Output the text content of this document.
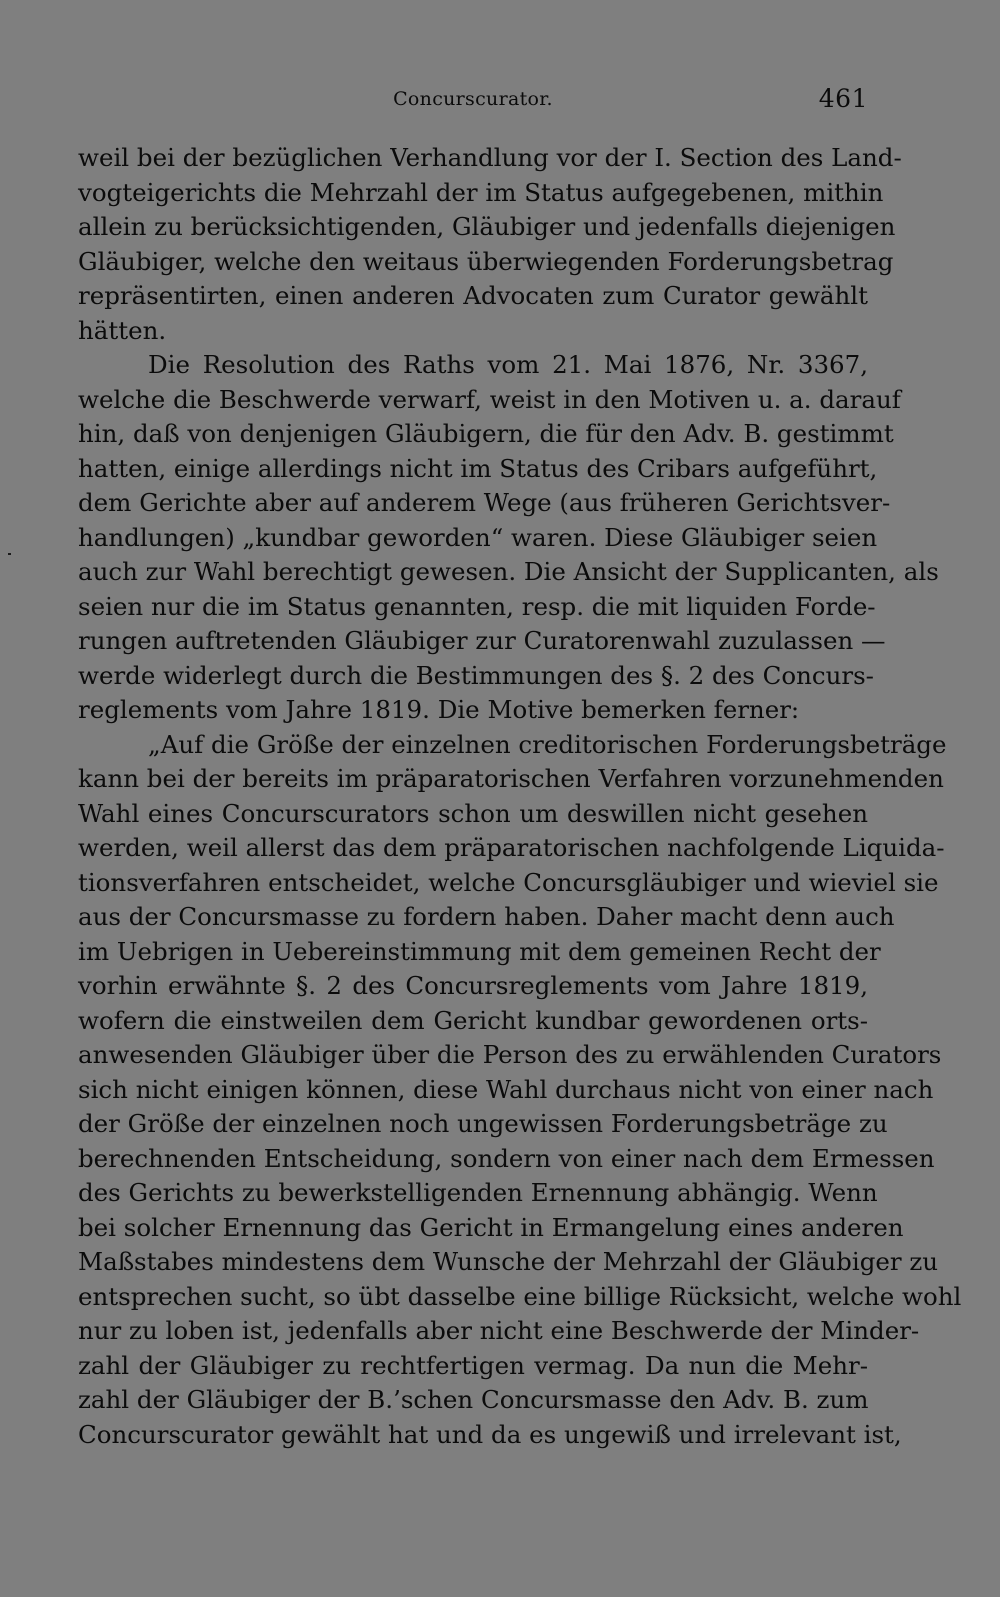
Concurscurator.	461
weil bei der bezüglichen Verhandlung vor der I. Section des Land-
vogteigerichts die Mehrzahl der im Status aufgegebenen, mithin
allein zu berücksichtigenden, Gläubiger und jedenfalls diejenigen
Gläubiger, welche den weitaus überwiegenden Forderungsbetrag
repräsentirten, einen anderen Advocaten zum Curator gewählt
hätten.
Die Resolution des Raths vom 21. Mai 1876, Nr. 3367,
welche die Beschwerde verwarf, weist in den Motiven u. a. darauf
hin, daß von denjenigen Gläubigern, die für den Adv. B. gestimmt
hatten, einige allerdings nicht im Status des Cribars aufgeführt,
dem Gerichte aber auf anderem Wege (aus früheren Gerichtsver-
handlungen) „kundbar geworden“ waren. Diese Gläubiger seien
auch zur Wahl berechtigt gewesen. Die Ansicht der Supplicanten, als
seien nur die im Status genannten, resp. die mit liquiden Forde-
rungen auftretenden Gläubiger zur Curatorenwahl zuzulassen —
werde widerlegt durch die Bestimmungen des §. 2 des Concurs-
reglements vom Jahre 1819. Die Motive bemerken ferner:
„Auf die Größe der einzelnen creditorischen Forderungsbeträge
kann bei der bereits im präparatorischen Verfahren vorzunehmenden
Wahl eines Concurscurators schon um deswillen nicht gesehen
werden, weil allerst das dem präparatorischen nachfolgende Liquida-
tionsverfahren entscheidet, welche Concursgläubiger und wieviel sie
aus der Concursmasse zu fordern haben. Daher macht denn auch
im Uebrigen in Uebereinstimmung mit dem gemeinen Recht der
vorhin erwähnte §. 2 des Concursreglements vom Jahre 1819,
wofern die einstweilen dem Gericht kundbar gewordenen orts-
anwesenden Gläubiger über die Person des zu erwählenden Curators
sich nicht einigen können, diese Wahl durchaus nicht von einer nach
der Größe der einzelnen noch ungewissen Forderungsbeträge zu
berechnenden Entscheidung, sondern von einer nach dem Ermessen
des Gerichts zu bewerkstelligenden Ernennung abhängig. Wenn
bei solcher Ernennung das Gericht in Ermangelung eines anderen
Maßstabes mindestens dem Wunsche der Mehrzahl der Gläubiger zu
entsprechen sucht, so übt dasselbe eine billige Rücksicht, welche wohl
nur zu loben ist, jedenfalls aber nicht eine Beschwerde der Minder-
zahl der Gläubiger zu rechtfertigen vermag. Da nun die Mehr-
zahl der Gläubiger der B.’schen Concursmasse den Adv. B. zum
Concurscurator gewählt hat und da es ungewiß und irrelevant ist,
